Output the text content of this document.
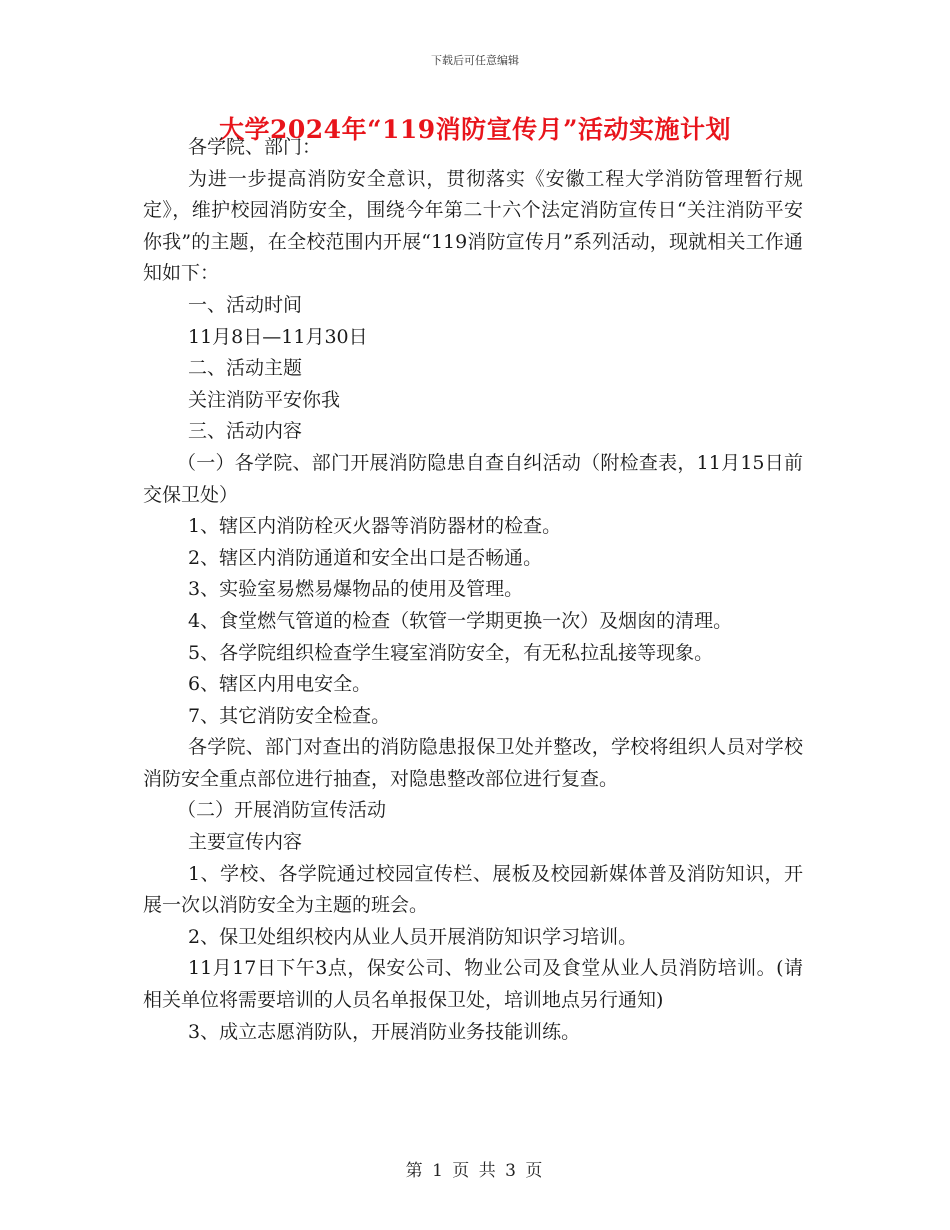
下载后可任意编辑
大学2024年“119消防宣传月”活动实施计划

各学院、部门：

为进一步提高消防安全意识，贯彻落实《安徽工程大学消防管理暂行规定》，维护校园消防安全，围绕今年第二十六个法定消防宣传日“关注消防平安你我”的主题，在全校范围内开展“119消防宣传月”系列活动，现就相关工作通知如下：

一、活动时间

11月8日—11月30日

二、活动主题

关注消防平安你我

三、活动内容

（一）各学院、部门开展消防隐患自查自纠活动（附检查表，11月15日前交保卫处）

1、辖区内消防栓灭火器等消防器材的检查。

2、辖区内消防通道和安全出口是否畅通。

3、实验室易燃易爆物品的使用及管理。

4、食堂燃气管道的检查（软管一学期更换一次）及烟囱的清理。

5、各学院组织检查学生寝室消防安全，有无私拉乱接等现象。

6、辖区内用电安全。

7、其它消防安全检查。

各学院、部门对查出的消防隐患报保卫处并整改，学校将组织人员对学校消防安全重点部位进行抽查，对隐患整改部位进行复查。

（二）开展消防宣传活动

主要宣传内容

1、学校、各学院通过校园宣传栏、展板及校园新媒体普及消防知识，开展一次以消防安全为主题的班会。

2、保卫处组织校内从业人员开展消防知识学习培训。

11月17日下午3点，保安公司、物业公司及食堂从业人员消防培训。(请相关单位将需要培训的人员名单报保卫处，培训地点另行通知)

3、成立志愿消防队，开展消防业务技能训练。

第 1 页 共 3 页
